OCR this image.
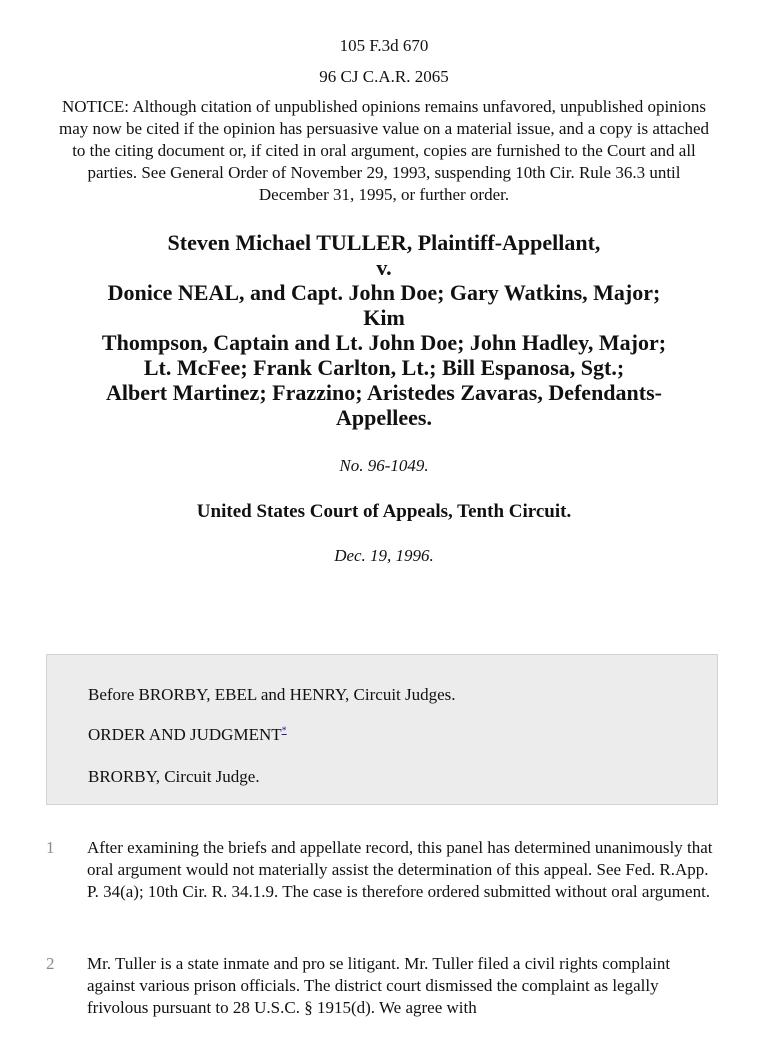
105 F.3d 670
96 CJ C.A.R. 2065
NOTICE: Although citation of unpublished opinions remains unfavored, unpublished opinions may now be cited if the opinion has persuasive value on a material issue, and a copy is attached to the citing document or, if cited in oral argument, copies are furnished to the Court and all parties. See General Order of November 29, 1993, suspending 10th Cir. Rule 36.3 until December 31, 1995, or further order.
Steven Michael TULLER, Plaintiff-Appellant,
v.
Donice NEAL, and Capt. John Doe; Gary Watkins, Major;
Kim
Thompson, Captain and Lt. John Doe; John Hadley, Major;
Lt. McFee; Frank Carlton, Lt.; Bill Espanosa, Sgt.;
Albert Martinez; Frazzino; Aristedes Zavaras, Defendants-
Appellees.
No. 96-1049.
United States Court of Appeals, Tenth Circuit.
Dec. 19, 1996.
Before BRORBY, EBEL and HENRY, Circuit Judges.
ORDER AND JUDGMENT*
BRORBY, Circuit Judge.
1 After examining the briefs and appellate record, this panel has determined unanimously that oral argument would not materially assist the determination of this appeal. See Fed. R.App. P. 34(a); 10th Cir. R. 34.1.9. The case is therefore ordered submitted without oral argument.
2 Mr. Tuller is a state inmate and pro se litigant. Mr. Tuller filed a civil rights complaint against various prison officials. The district court dismissed the complaint as legally frivolous pursuant to 28 U.S.C. § 1915(d). We agree with
